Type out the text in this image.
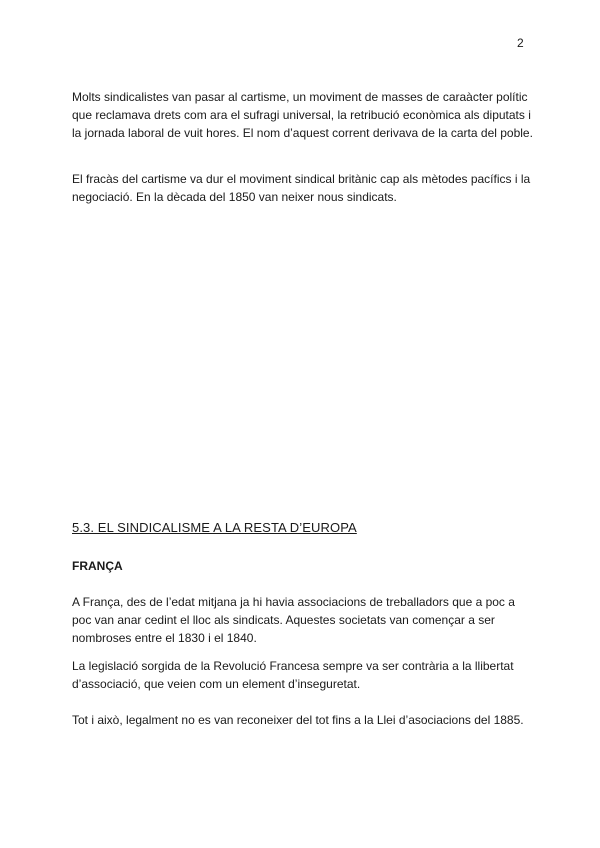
2

Molts sindicalistes van pasar al cartisme, un moviment de masses de caraàcter polític que reclamava drets com ara el sufragi universal, la retribució econòmica als diputats i la jornada laboral de vuit hores. El nom d’aquest corrent derivava de la carta del poble.

El fracàs del cartisme va dur el moviment sindical britànic cap als mètodes pacífics i la negociació. En la dècada del 1850 van neixer nous sindicats.

5.3. EL SINDICALISME A LA RESTA D’EUROPA
FRANÇA

A França, des de l’edat mitjana ja hi havia associacions de treballadors que a poc a poc van anar cedint el lloc als sindicats. Aquestes societats van començar a ser nombroses entre el 1830 i el 1840.

La legislació sorgida de la Revolució Francesa sempre va ser contrària a la llibertat d’associació, que veien com un element d’inseguretat.

Tot i això, legalment no es van reconeixer del tot fins a la Llei d’asociacions del 1885.
